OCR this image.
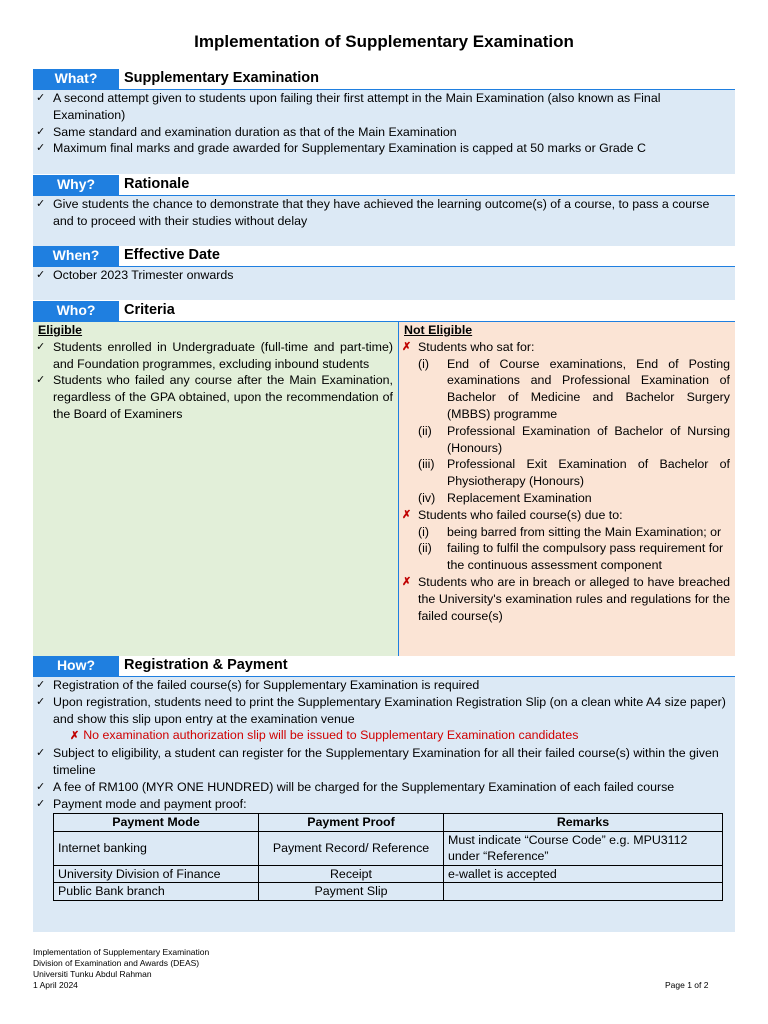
Implementation of Supplementary Examination
What?	Supplementary Examination
✓ A second attempt given to students upon failing their first attempt in the Main Examination (also known as Final Examination)
✓ Same standard and examination duration as that of the Main Examination
✓ Maximum final marks and grade awarded for Supplementary Examination is capped at 50 marks or Grade C
Why?	Rationale
✓ Give students the chance to demonstrate that they have achieved the learning outcome(s) of a course, to pass a course and to proceed with their studies without delay
When?	Effective Date
✓ October 2023 Trimester onwards
Who?	Criteria
Eligible
✓ Students enrolled in Undergraduate (full-time and part-time) and Foundation programmes, excluding inbound students
✓ Students who failed any course after the Main Examination, regardless of the GPA obtained, upon the recommendation of the Board of Examiners
Not Eligible
✗ Students who sat for:
(i) End of Course examinations, End of Posting examinations and Professional Examination of Bachelor of Medicine and Bachelor Surgery (MBBS) programme
(ii) Professional Examination of Bachelor of Nursing (Honours)
(iii) Professional Exit Examination of Bachelor of Physiotherapy (Honours)
(iv) Replacement Examination
✗ Students who failed course(s) due to:
(i) being barred from sitting the Main Examination; or
(ii) failing to fulfil the compulsory pass requirement for the continuous assessment component
✗ Students who are in breach or alleged to have breached the University's examination rules and regulations for the failed course(s)
How?	Registration & Payment
✓ Registration of the failed course(s) for Supplementary Examination is required
✓ Upon registration, students need to print the Supplementary Examination Registration Slip (on a clean white A4 size paper) and show this slip upon entry at the examination venue
✗ No examination authorization slip will be issued to Supplementary Examination candidates
✓ Subject to eligibility, a student can register for the Supplementary Examination for all their failed course(s) within the given timeline
✓ A fee of RM100 (MYR ONE HUNDRED) will be charged for the Supplementary Examination of each failed course
✓ Payment mode and payment proof:
Payment Mode	Payment Proof	Remarks
Internet banking	Payment Record/ Reference	Must indicate “Course Code” e.g. MPU3112 under “Reference”
University Division of Finance	Receipt	e-wallet is accepted
Public Bank branch	Payment Slip	
Implementation of Supplementary Examination
Division of Examination and Awards (DEAS)
Universiti Tunku Abdul Rahman
1 April 2024	Page 1 of 2
